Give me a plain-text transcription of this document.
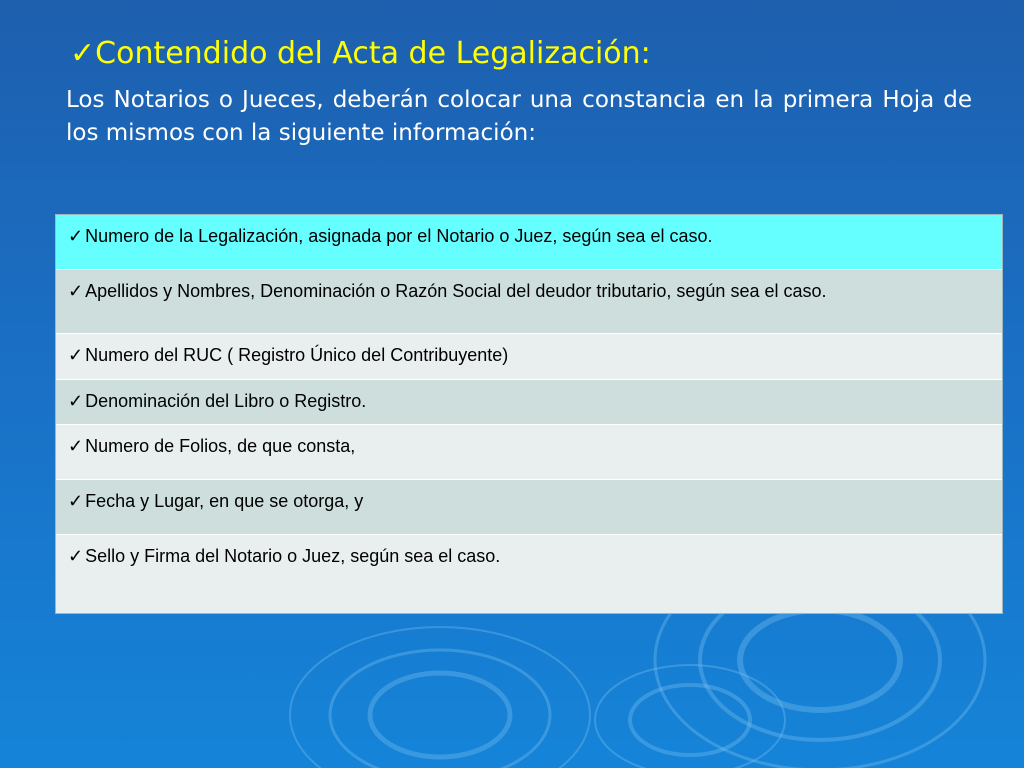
✓Contendido del Acta de Legalización:

Los Notarios o Jueces, deberán colocar una constancia en la primera Hoja de los mismos con la siguiente información:

✓ Numero de la Legalización, asignada por el Notario o Juez, según sea el caso.
✓ Apellidos y Nombres, Denominación o Razón Social del deudor tributario, según sea el caso.
✓ Numero del RUC ( Registro Único del Contribuyente)
✓ Denominación del Libro o Registro.
✓ Numero de Folios, de que consta,
✓ Fecha y Lugar, en que se otorga, y
✓ Sello y Firma del Notario o Juez, según sea el caso.
